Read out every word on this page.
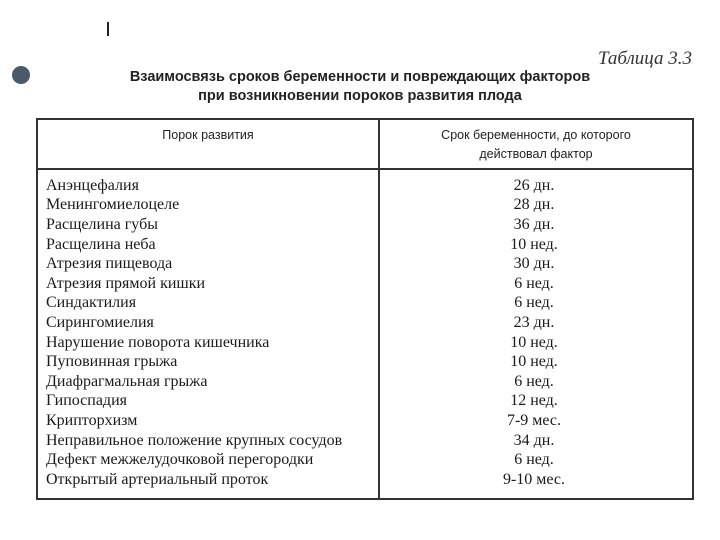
Таблица 3.3
Взаимосвязь сроков беременности и повреждающих факторов
при возникновении пороков развития плода
Порок развития	Срок беременности, до которого
действовал фактор
Анэнцефалия	26 дн.
Менингомиелоцеле	28 дн.
Расщелина губы	36 дн.
Расщелина неба	10 нед.
Атрезия пищевода	30 дн.
Атрезия прямой кишки	6 нед.
Синдактилия	6 нед.
Сирингомиелия	23 дн.
Нарушение поворота кишечника	10 нед.
Пуповинная грыжа	10 нед.
Диафрагмальная грыжа	6 нед.
Гипоспадия	12 нед.
Крипторхизм	7-9 мес.
Неправильное положение крупных сосудов	34 дн.
Дефект межжелудочковой перегородки	6 нед.
Открытый артериальный проток	9-10 мес.
